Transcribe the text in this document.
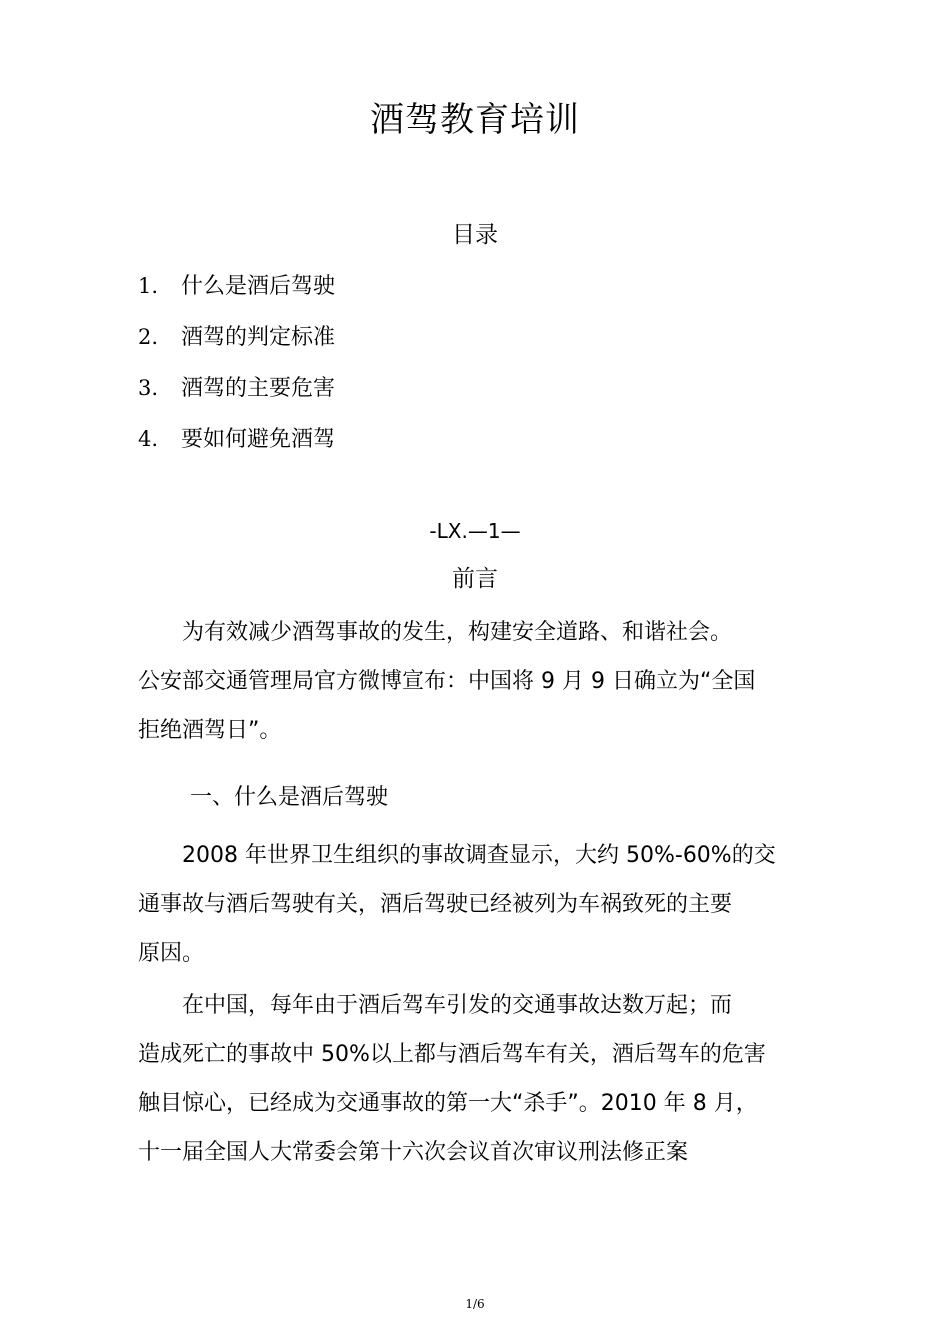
酒驾教育培训
目录
1. 什么是酒后驾驶
2. 酒驾的判定标准
3. 酒驾的主要危害
4. 要如何避免酒驾
-LX.—1—
前言

　　为有效减少酒驾事故的发生，构建安全道路、和谐社会。
公安部交通管理局官方微博宣布：中国将 9 月 9 日确立为“全国
拒绝酒驾日”。

一、什么是酒后驾驶

　　2008 年世界卫生组织的事故调查显示，大约 50%-60%的交
通事故与酒后驾驶有关，酒后驾驶已经被列为车祸致死的主要
原因。

　　在中国，每年由于酒后驾车引发的交通事故达数万起；而
造成死亡的事故中 50%以上都与酒后驾车有关，酒后驾车的危害
触目惊心，已经成为交通事故的第一大“杀手”。2010 年 8 月，
十一届全国人大常委会第十六次会议首次审议刑法修正案

1/6
